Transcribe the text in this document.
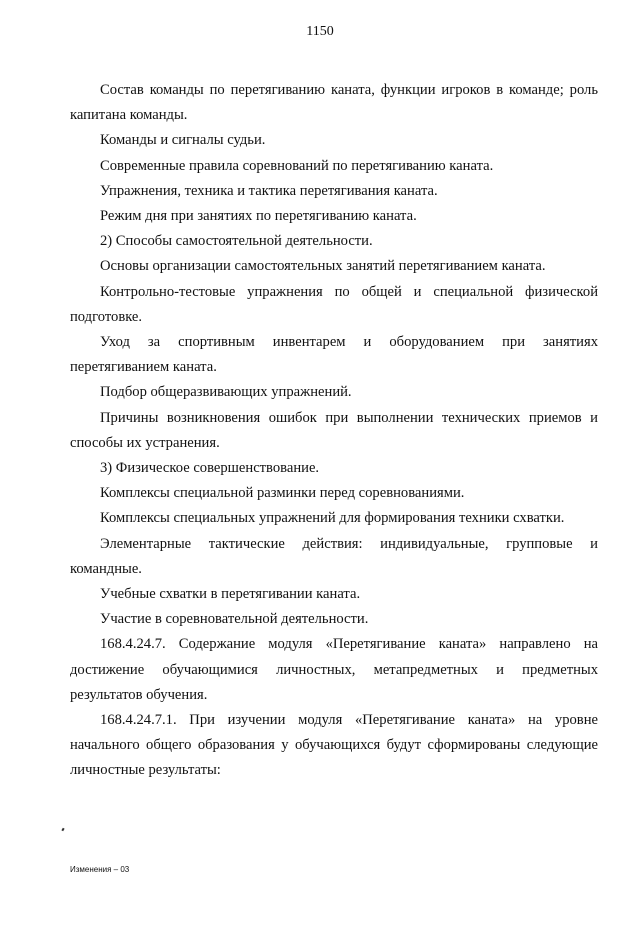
1150

Состав команды по перетягиванию каната, функции игроков в команде; роль капитана команды.

Команды и сигналы судьи.

Современные правила соревнований по перетягиванию каната.

Упражнения, техника и тактика перетягивания каната.

Режим дня при занятиях по перетягиванию каната.

2) Способы самостоятельной деятельности.

Основы организации самостоятельных занятий перетягиванием каната.

Контрольно-тестовые упражнения по общей и специальной физической подготовке.

Уход за спортивным инвентарем и оборудованием при занятиях перетягиванием каната.

Подбор общеразвивающих упражнений.

Причины возникновения ошибок при выполнении технических приемов и способы их устранения.

3) Физическое совершенствование.

Комплексы специальной разминки перед соревнованиями.

Комплексы специальных упражнений для формирования техники схватки.

Элементарные тактические действия: индивидуальные, групповые и командные.

Учебные схватки в перетягивании каната.

Участие в соревновательной деятельности.

168.4.24.7. Содержание модуля «Перетягивание каната» направлено на достижение обучающимися личностных, метапредметных и предметных результатов обучения.

168.4.24.7.1. При изучении модуля «Перетягивание каната» на уровне начального общего образования у обучающихся будут сформированы следующие личностные результаты:

Изменения – 03
